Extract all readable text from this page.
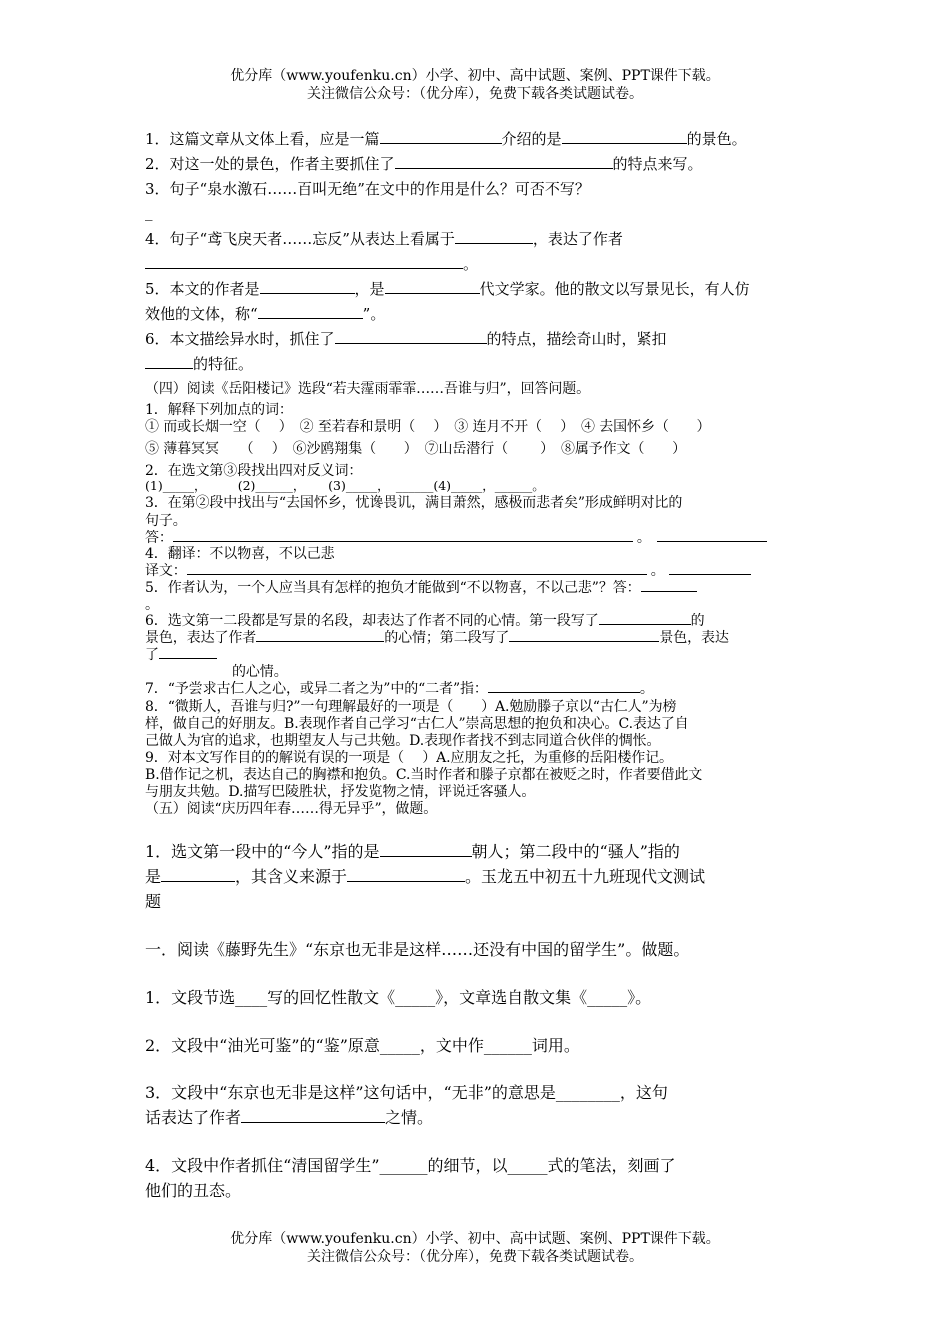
优分库（www.youfenku.cn）小学、初中、高中试题、案例、PPT课件下载。
关注微信公众号：（优分库），免费下载各类试题试卷。
1．这篇文章从文体上看，应是一篇	介绍的是	的景色。
2．对这一处的景色，作者主要抓住了	的特点来写。
3．句子“泉水激石……百叫无绝”在文中的作用是什么？可否不写？
_
4．句子“鸢飞戾天者……忘反”从表达上看属于	，表达了作者
。
5．本文的作者是	，是	代文学家。他的散文以写景见长，有人仿
效他的文体，称“	”。
6．本文描绘异水时，抓住了	的特点，描绘奇山时，紧扣
的特征。
（四）阅读《岳阳楼记》选段“若夫霪雨霏霏……吾谁与归”，回答问题。
1．解释下列加点的词：
① 而或长烟一空（　 ）　② 至若春和景明（　 ）　③ 连月不开（　 ）　④ 去国怀乡（　　）
⑤ 薄暮冥冥　　（　 ）　⑥沙鸥翔集（　　）　⑦山岳潜行（　　 ）　⑧属予作文（　　）
2．在选文第③段找出四对反义词：
(1)_____，　　　(2)______，　　 (3)_____，　______(4)_____，______。
3．在第②段中找出与“去国怀乡，忧谗畏讥，满目萧然，感极而悲者矣”形成鲜明对比的
句子。
答：	。
4．翻译：不以物喜，不以己悲
译文：	。
5．作者认为，一个人应当具有怎样的抱负才能做到“不以物喜，不以己悲”？答：
。
6．选文第一二段都是写景的名段，却表达了作者不同的心情。第一段写了	的
景色，表达了作者	的心情；第二段写了	景色，表达
了
的心情。
7．“予尝求古仁人之心，或异二者之为”中的“二者”指：	。
8．“微斯人，吾谁与归?”一句理解最好的一项是（　　）A.勉励滕子京以“古仁人”为榜
样，做自己的好朋友。B.表现作者自己学习“古仁人”崇高思想的抱负和决心。C.表达了自
己做人为官的追求，也期望友人与己共勉。D.表现作者找不到志同道合伙伴的惆怅。
9．对本文写作目的的解说有误的一项是（　 ）A.应朋友之托，为重修的岳阳楼作记。
B.借作记之机，表达自己的胸襟和抱负。C.当时作者和滕子京都在被贬之时，作者要借此文
与朋友共勉。D.描写巴陵胜状，抒发览物之情，评说迁客骚人。
（五）阅读“庆历四年春……得无异乎”，做题。
1．选文第一段中的“今人”指的是	朝人；第二段中的“骚人”指的
是	，其含义来源于	。玉龙五中初五十九班现代文测试
题
一．阅读《藤野先生》“东京也无非是这样……还没有中国的留学生”。做题。
1．文段节选____写的回忆性散文《_____》，文章选自散文集《_____》。
2．文段中“油光可鉴”的“鉴”原意_____，文中作______词用。
3．文段中“东京也无非是这样”这句话中，“无非”的意思是________，这句
话表达了作者	之情。
4．文段中作者抓住“清国留学生”______的细节，以_____式的笔法，刻画了
他们的丑态。
优分库（www.youfenku.cn）小学、初中、高中试题、案例、PPT课件下载。
关注微信公众号：（优分库），免费下载各类试题试卷。
